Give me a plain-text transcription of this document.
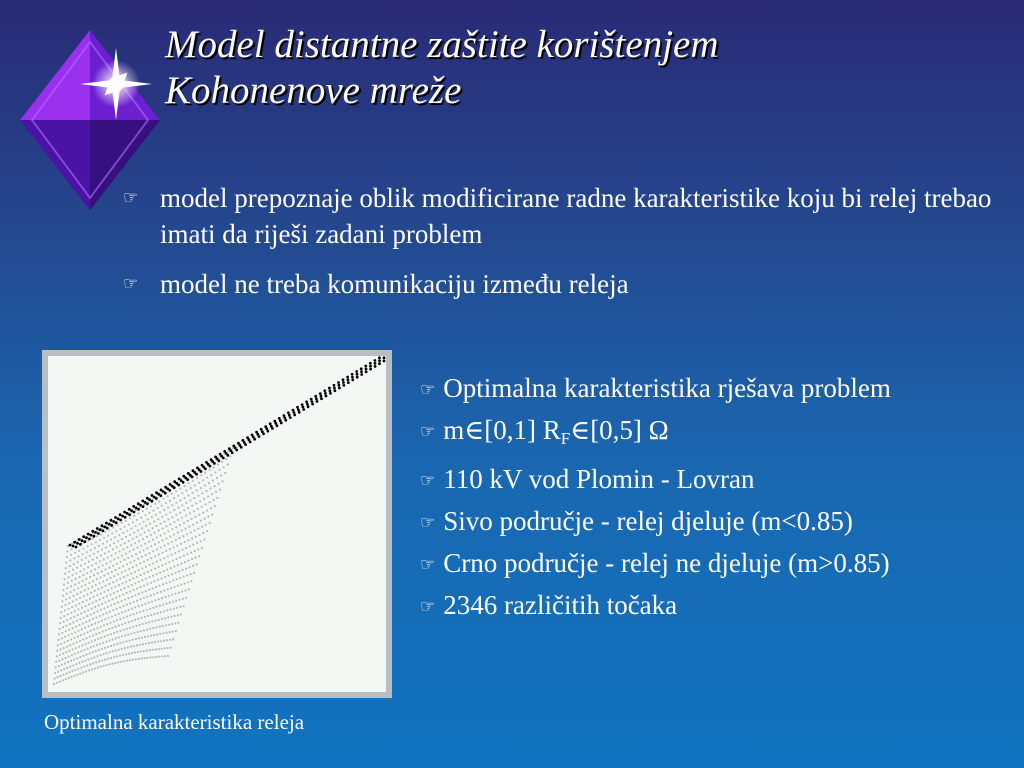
Model distantne zaštite korištenjem
Kohonenove mreže
☞ model prepoznaje oblik modificirane radne karakteristike koju bi relej trebao imati da riješi zadani problem
☞ model ne treba komunikaciju između releja
Optimalna karakteristika releja
☞ Optimalna karakteristika rješava problem
☞ m∈[0,1] $R_F\in[0,5]$ Ω
☞ 110 kV vod Plomin - Lovran
☞ Sivo područje - relej djeluje (m<0.85)
☞ Crno područje - relej ne djeluje (m>0.85)
☞ 2346 različitih točaka
